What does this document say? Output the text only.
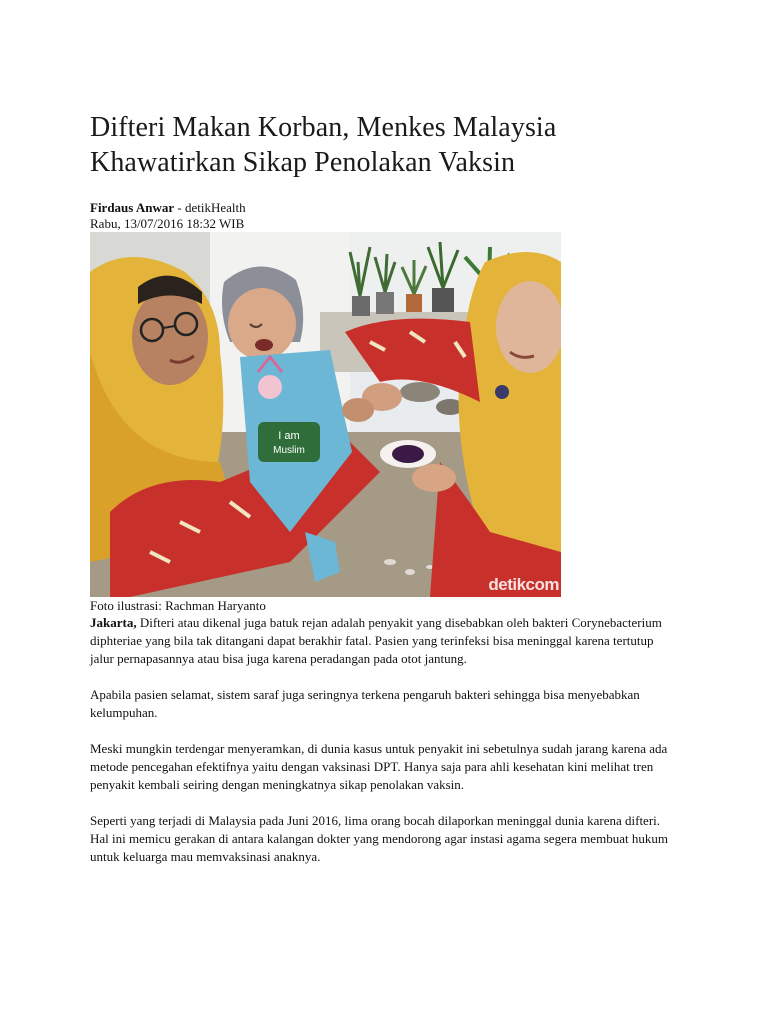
Difteri Makan Korban, Menkes Malaysia
Khawatirkan Sikap Penolakan Vaksin
Firdaus Anwar - detikHealth
Rabu, 13/07/2016 18:32 WIB
I am
Muslim
detikcom
Foto ilustrasi: Rachman Haryanto

Jakarta, Difteri atau dikenal juga batuk rejan adalah penyakit yang disebabkan oleh bakteri Corynebacterium diphteriae yang bila tak ditangani dapat berakhir fatal. Pasien yang terinfeksi bisa meninggal karena tertutup jalur pernapasannya atau bisa juga karena peradangan pada otot jantung.

Apabila pasien selamat, sistem saraf juga seringnya terkena pengaruh bakteri sehingga bisa menyebabkan kelumpuhan.

Meski mungkin terdengar menyeramkan, di dunia kasus untuk penyakit ini sebetulnya sudah jarang karena ada metode pencegahan efektifnya yaitu dengan vaksinasi DPT. Hanya saja para ahli kesehatan kini melihat tren penyakit kembali seiring dengan meningkatnya sikap penolakan vaksin.

Seperti yang terjadi di Malaysia pada Juni 2016, lima orang bocah dilaporkan meninggal dunia karena difteri. Hal ini memicu gerakan di antara kalangan dokter yang mendorong agar instasi agama segera membuat hukum untuk keluarga mau memvaksinasi anaknya.
